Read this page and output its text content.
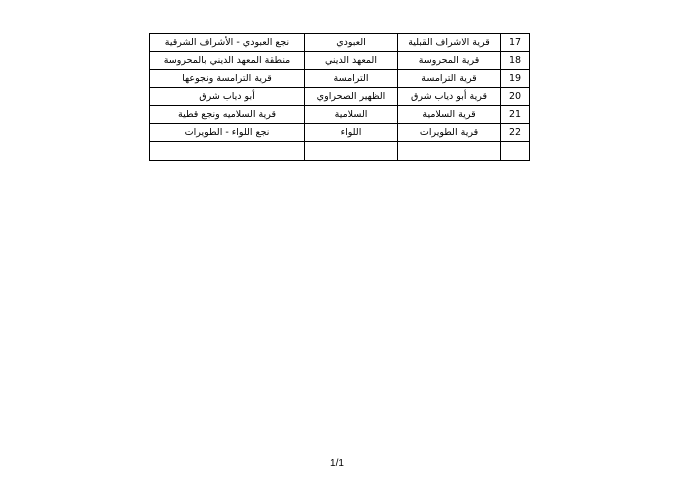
17	قرية الاشراف القبلية	العبودي	نجع العبودي - الأشراف الشرقية
18	قرية المحروسة	المعهد الديني	منطقة المعهد الديني بالمحروسة
19	قرية الترامسة	الترامسة	قرية الترامسة ونجوعها
20	قرية أبو دياب شرق	الظهير الصحراوي	أبو دياب شرق
21	قرية السلامية	السلامية	قرية السلاميه ونجع قطية
22	قرية الطويرات	اللواء	نجع اللواء - الطويرات

1/1
